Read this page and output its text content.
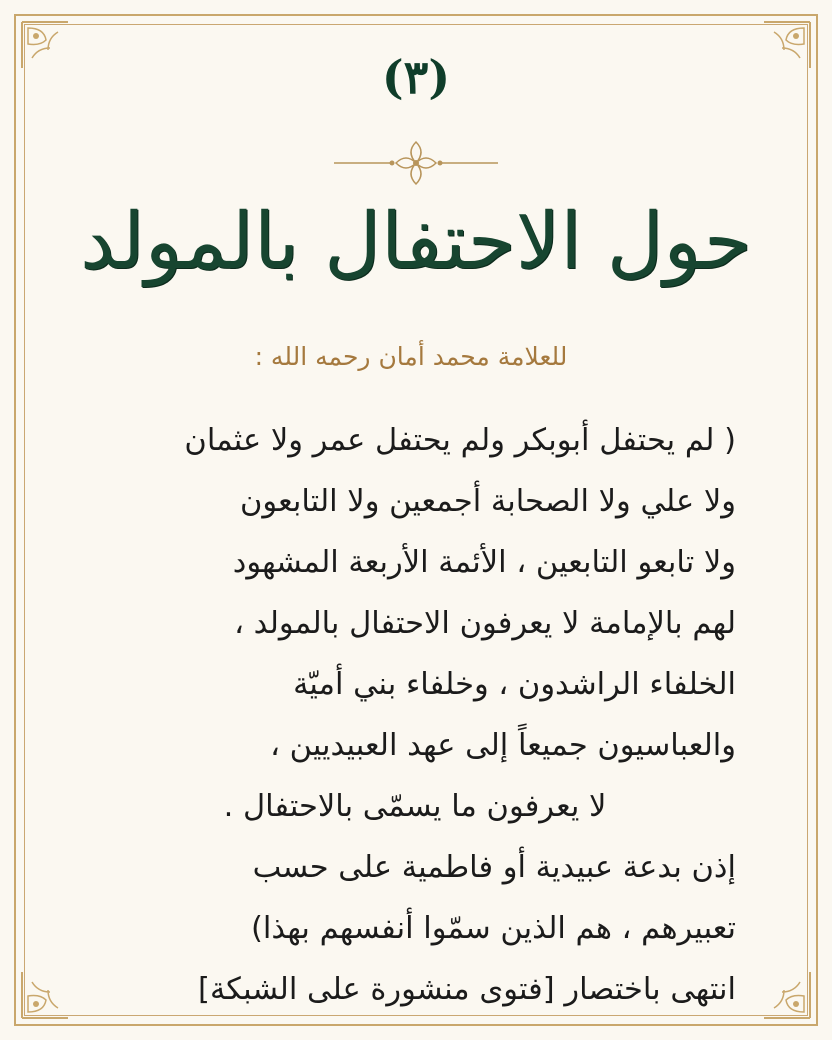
(٣)
حول الاحتفال بالمولد
للعلامة محمد أمان رحمه الله :
( لم يحتفل أبوبكر ولم يحتفل عمر ولا عثمان
ولا علي ولا الصحابة أجمعين ولا التابعون
ولا تابعو التابعين ، الأئمة الأربعة المشهود
لهم بالإمامة لا يعرفون الاحتفال بالمولد ،
الخلفاء الراشدون ، وخلفاء بني أميّة
والعباسيون جميعاً إلى عهد العبيديين ،
لا يعرفون ما يسمّى بالاحتفال .
إذن بدعة عبيدية أو فاطمية على حسب
تعبيرهم ، هم الذين سمّوا أنفسهم بهذا)
انتهى باختصار [فتوى منشورة على الشبكة]
